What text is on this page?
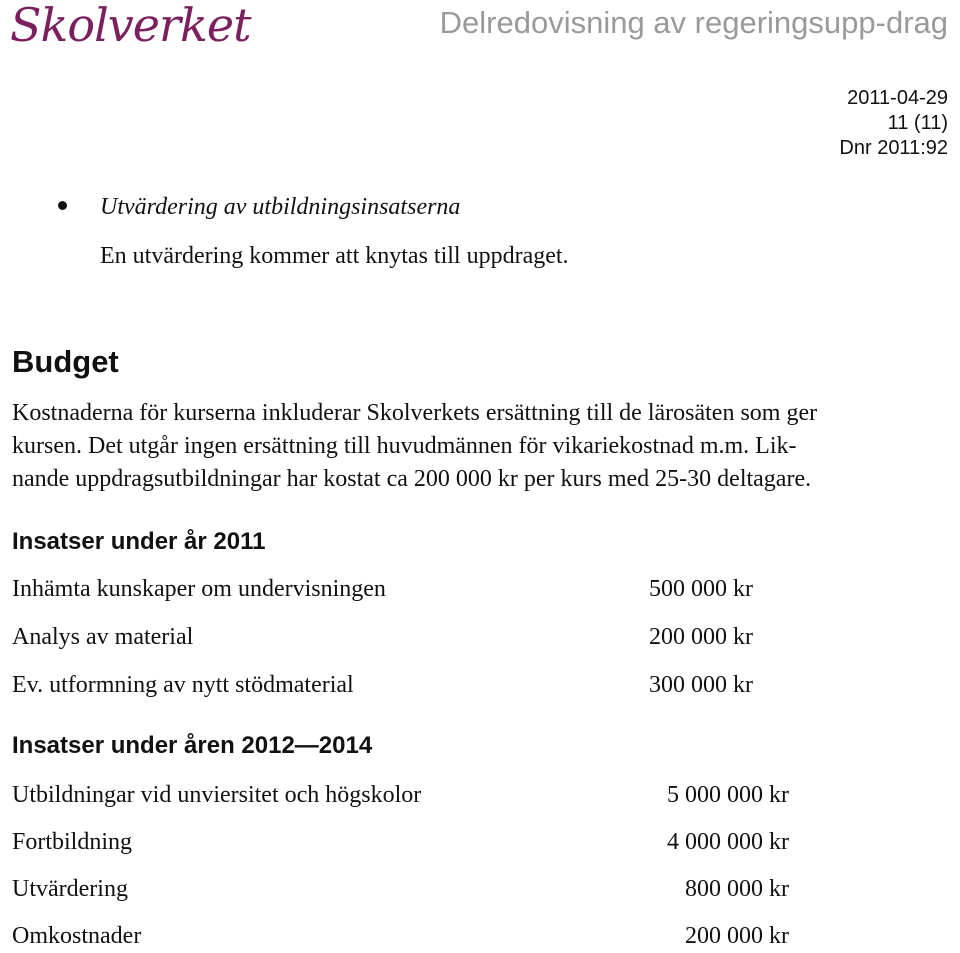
Skolverket	Delredovisning av regeringsupp-drag
2011-04-29
11 (11)
Dnr 2011:92
Utvärdering av utbildningsinsatserna
En utvärdering kommer att knytas till uppdraget.
Budget

Kostnaderna för kurserna inkluderar Skolverkets ersättning till de lärosäten som ger
kursen. Det utgår ingen ersättning till huvudmännen för vikariekostnad m.m. Lik-
nande uppdragsutbildningar har kostat ca 200 000 kr per kurs med 25-30 deltagare.

Insatser under år 2011
Inhämta kunskaper om undervisningen	500 000 kr
Analys av material	200 000 kr
Ev. utformning av nytt stödmaterial	300 000 kr
Insatser under åren 2012—2014
Utbildningar vid unviersitet och högskolor	5 000 000 kr
Fortbildning	4 000 000 kr
Utvärdering	800 000 kr
Omkostnader	200 000 kr
